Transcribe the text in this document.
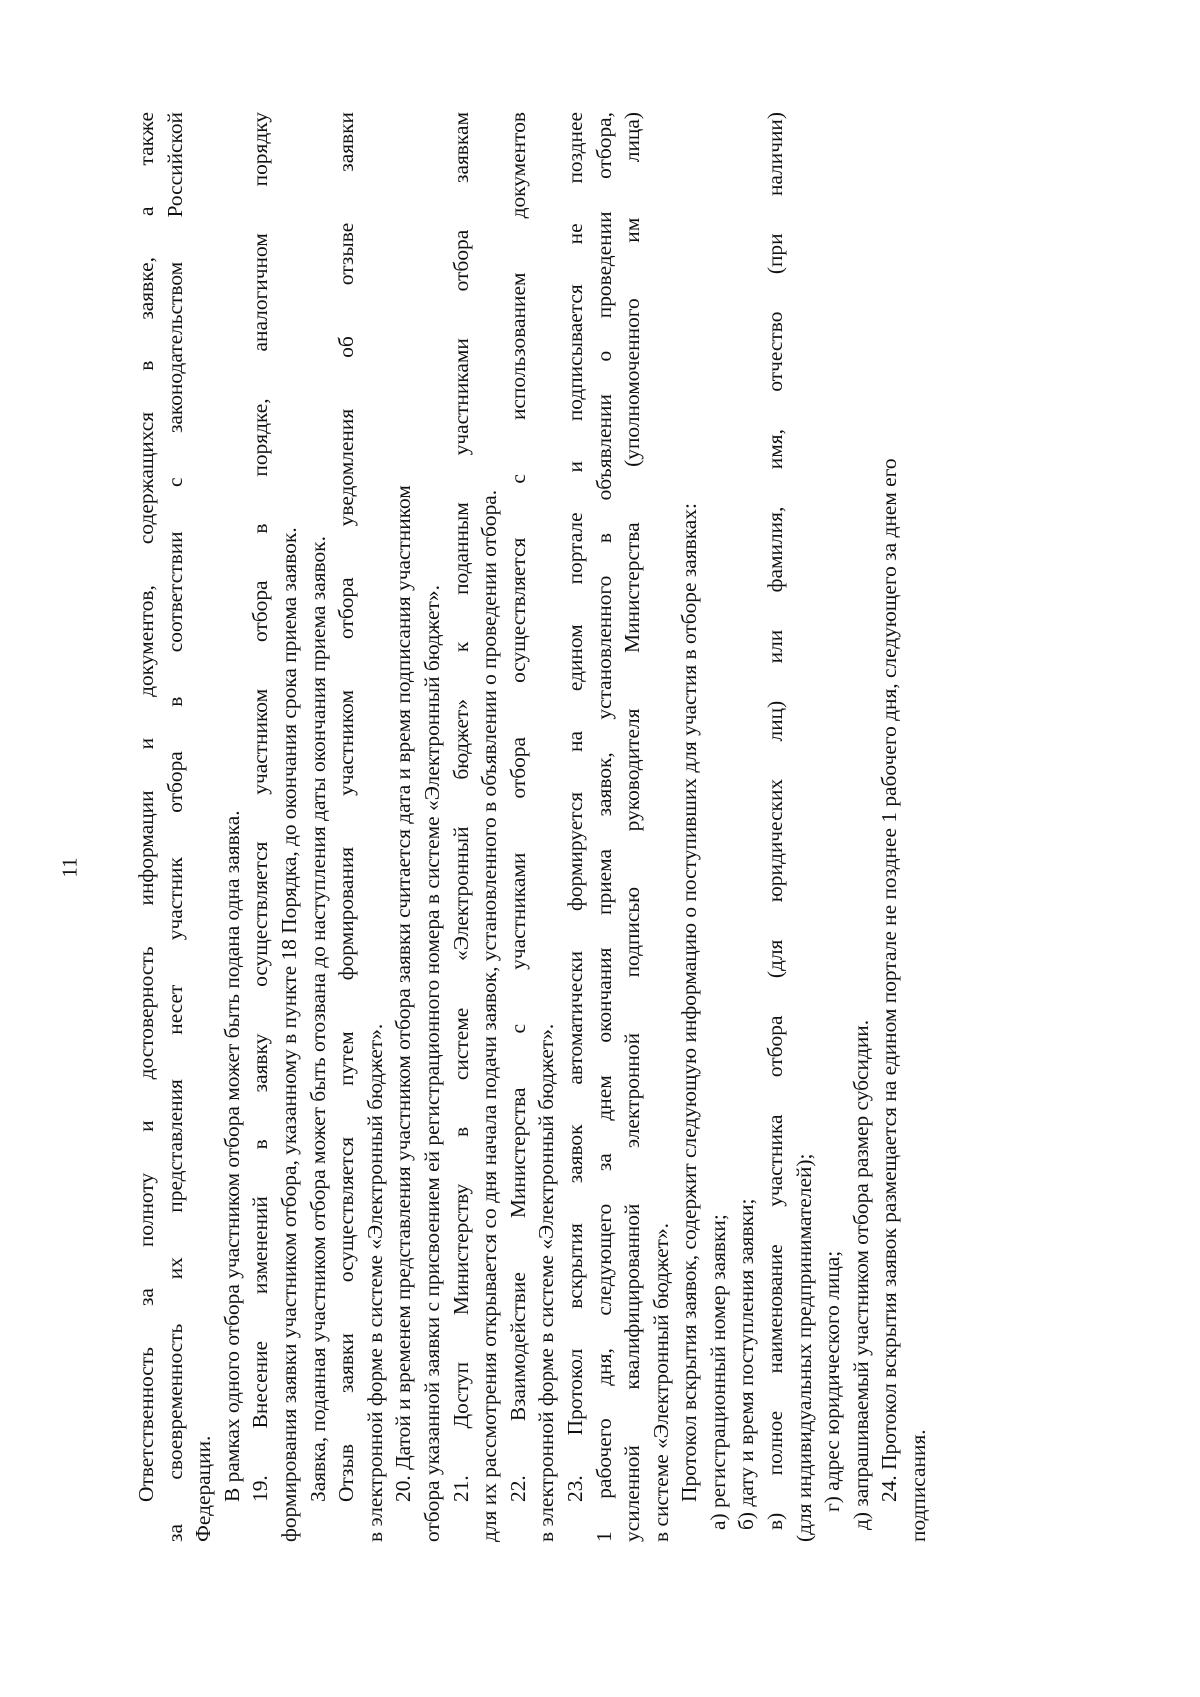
11 Ответственность за полноту и достоверность информации и документов, содержащихся в заявке, а также за своевременность их представления несет участник отбора в соответствии с законодательством Российской Федерации. В рамках одного отбора участником отбора может быть подана одна заявка. 19. Внесение изменений в заявку осуществляется участником отбора в порядке, аналогичном порядку формирования заявки участником отбора, указанному в пункте 18 Порядка, до окончания срока приема заявок. Заявка, поданная участником отбора может быть отозвана до наступления даты окончания приема заявок. Отзыв заявки осуществляется путем формирования участником отбора уведомления об отзыве заявки в электронной форме в системе «Электронный бюджет». 20. Датой и временем представления участником отбора заявки считается дата и время подписания участником отбора указанной заявки с присвоением ей регистрационного номера в системе «Электронный бюджет». 21. Доступ Министерству в системе «Электронный бюджет» к поданным участниками отбора заявкам для их рассмотрения открывается со дня начала подачи заявок, установленного в объявлении о проведении отбора. 22. Взаимодействие Министерства с участниками отбора осуществляется с использованием документов в электронной форме в системе «Электронный бюджет». 23. Протокол вскрытия заявок автоматически формируется на едином портале и подписывается не позднее 1 рабочего дня, следующего за днем окончания приема заявок, установленного в объявлении о проведении отбора, усиленной квалифицированной электронной подписью руководителя Министерства (уполномоченного им лица) в системе «Электронный бюджет». Протокол вскрытия заявок, содержит следующую информацию о поступивших для участия в отборе заявках: а) регистрационный номер заявки; б) дату и время поступления заявки; в) полное наименование участника отбора (для юридических лиц) или фамилия, имя, отчество (при наличии) (для индивидуальных предпринимателей); г) адрес юридического лица; д) запрашиваемый участником отбора размер субсидии. 24. Протокол вскрытия заявок размещается на едином портале не позднее 1 рабочего дня, следующего за днем его подписания.
